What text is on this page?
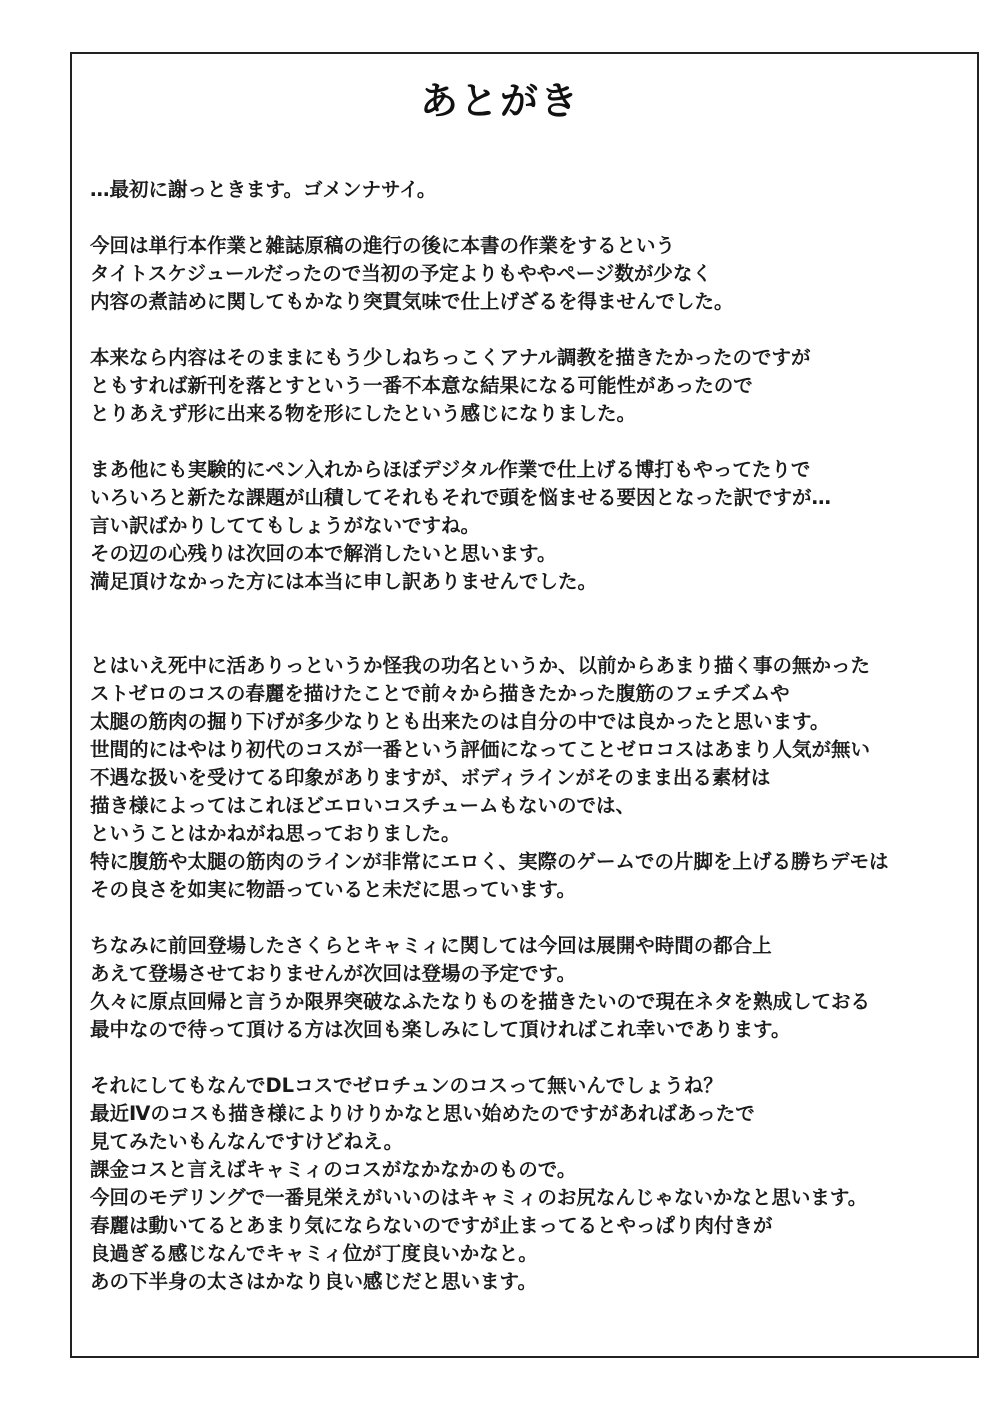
あとがき
…最初に謝っときます。ゴメンナサイ。
今回は単行本作業と雑誌原稿の進行の後に本書の作業をするという
タイトスケジュールだったので当初の予定よりもややページ数が少なく
内容の煮詰めに関してもかなり突貫気味で仕上げざるを得ませんでした。
本来なら内容はそのままにもう少しねちっこくアナル調教を描きたかったのですが
ともすれば新刊を落とすという一番不本意な結果になる可能性があったので
とりあえず形に出来る物を形にしたという感じになりました。
まあ他にも実験的にペン入れからほぼデジタル作業で仕上げる博打もやってたりで
いろいろと新たな課題が山積してそれもそれで頭を悩ませる要因となった訳ですが…
言い訳ばかりしててもしょうがないですね。
その辺の心残りは次回の本で解消したいと思います。
満足頂けなかった方には本当に申し訳ありませんでした。
とはいえ死中に活ありっというか怪我の功名というか、以前からあまり描く事の無かった
ストゼロのコスの春麗を描けたことで前々から描きたかった腹筋のフェチズムや
太腿の筋肉の掘り下げが多少なりとも出来たのは自分の中では良かったと思います。
世間的にはやはり初代のコスが一番という評価になってことゼロコスはあまり人気が無い
不遇な扱いを受けてる印象がありますが、ボディラインがそのまま出る素材は
描き様によってはこれほどエロいコスチュームもないのでは、
ということはかねがね思っておりました。
特に腹筋や太腿の筋肉のラインが非常にエロく、実際のゲームでの片脚を上げる勝ちデモは
その良さを如実に物語っていると未だに思っています。
ちなみに前回登場したさくらとキャミィに関しては今回は展開や時間の都合上
あえて登場させておりませんが次回は登場の予定です。
久々に原点回帰と言うか限界突破なふたなりものを描きたいので現在ネタを熟成しておる
最中なので待って頂ける方は次回も楽しみにして頂ければこれ幸いであります。
それにしてもなんでDLコスでゼロチュンのコスって無いんでしょうね？
最近Ⅳのコスも描き様によりけりかなと思い始めたのですがあればあったで
見てみたいもんなんですけどねえ。
課金コスと言えばキャミィのコスがなかなかのもので。
今回のモデリングで一番見栄えがいいのはキャミィのお尻なんじゃないかなと思います。
春麗は動いてるとあまり気にならないのですが止まってるとやっぱり肉付きが
良過ぎる感じなんでキャミィ位が丁度良いかなと。
あの下半身の太さはかなり良い感じだと思います。
